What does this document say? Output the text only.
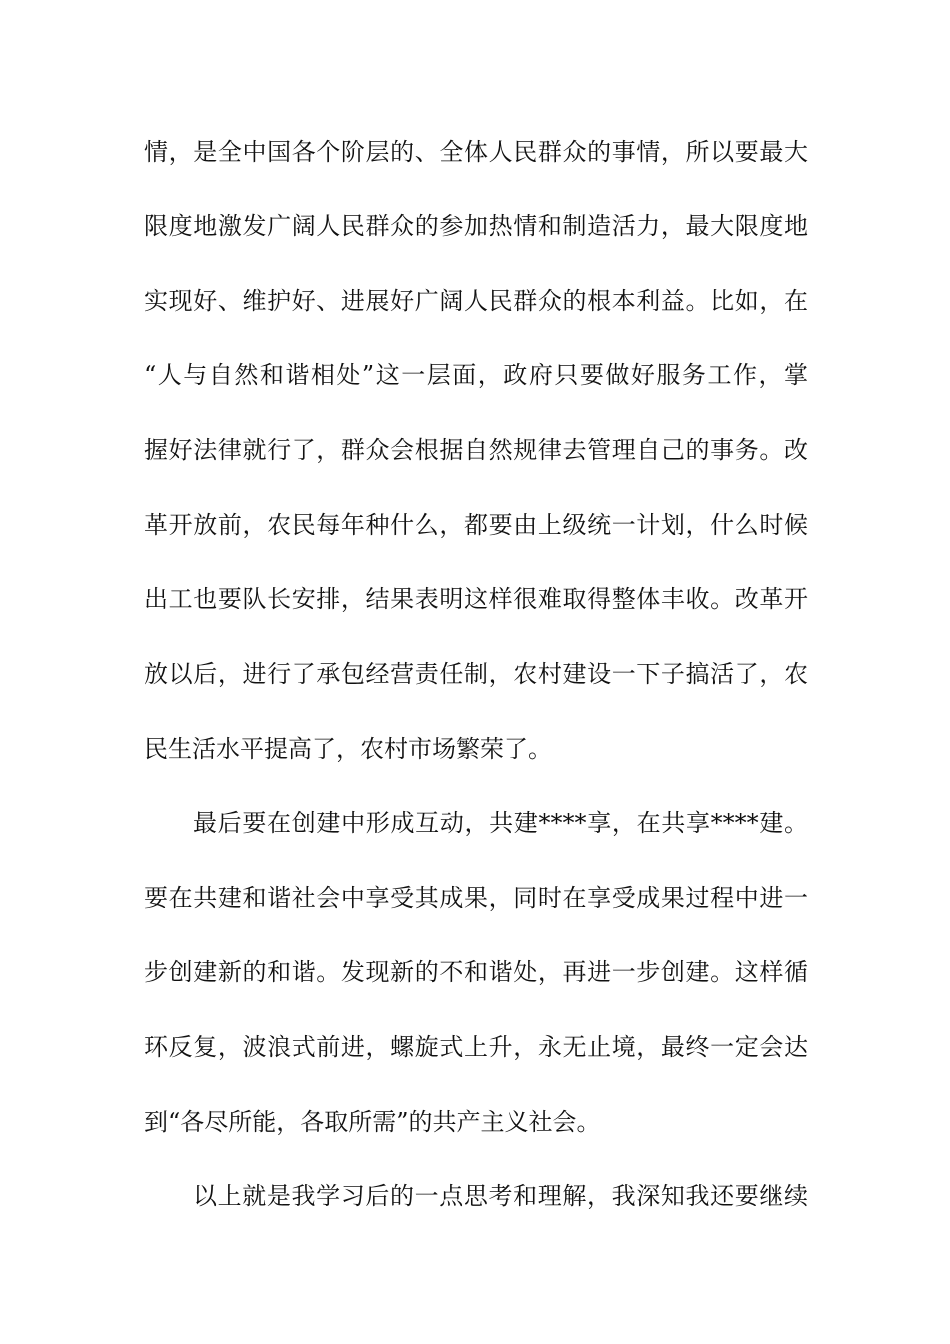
情，是全中国各个阶层的、全体人民群众的事情，所以要最大
限度地激发广阔人民群众的参加热情和制造活力，最大限度地
实现好、维护好、进展好广阔人民群众的根本利益。比如，在
“人与自然和谐相处”这一层面，政府只要做好服务工作，掌
握好法律就行了，群众会根据自然规律去管理自己的事务。改
革开放前，农民每年种什么，都要由上级统一计划，什么时候
出工也要队长安排，结果表明这样很难取得整体丰收。改革开
放以后，进行了承包经营责任制，农村建设一下子搞活了，农
民生活水平提高了，农村市场繁荣了。
最后要在创建中形成互动，共建****享，在共享****建。
要在共建和谐社会中享受其成果，同时在享受成果过程中进一
步创建新的和谐。发现新的不和谐处，再进一步创建。这样循
环反复，波浪式前进，螺旋式上升，永无止境，最终一定会达
到“各尽所能，各取所需”的共产主义社会。
以上就是我学习后的一点思考和理解，我深知我还要继续
